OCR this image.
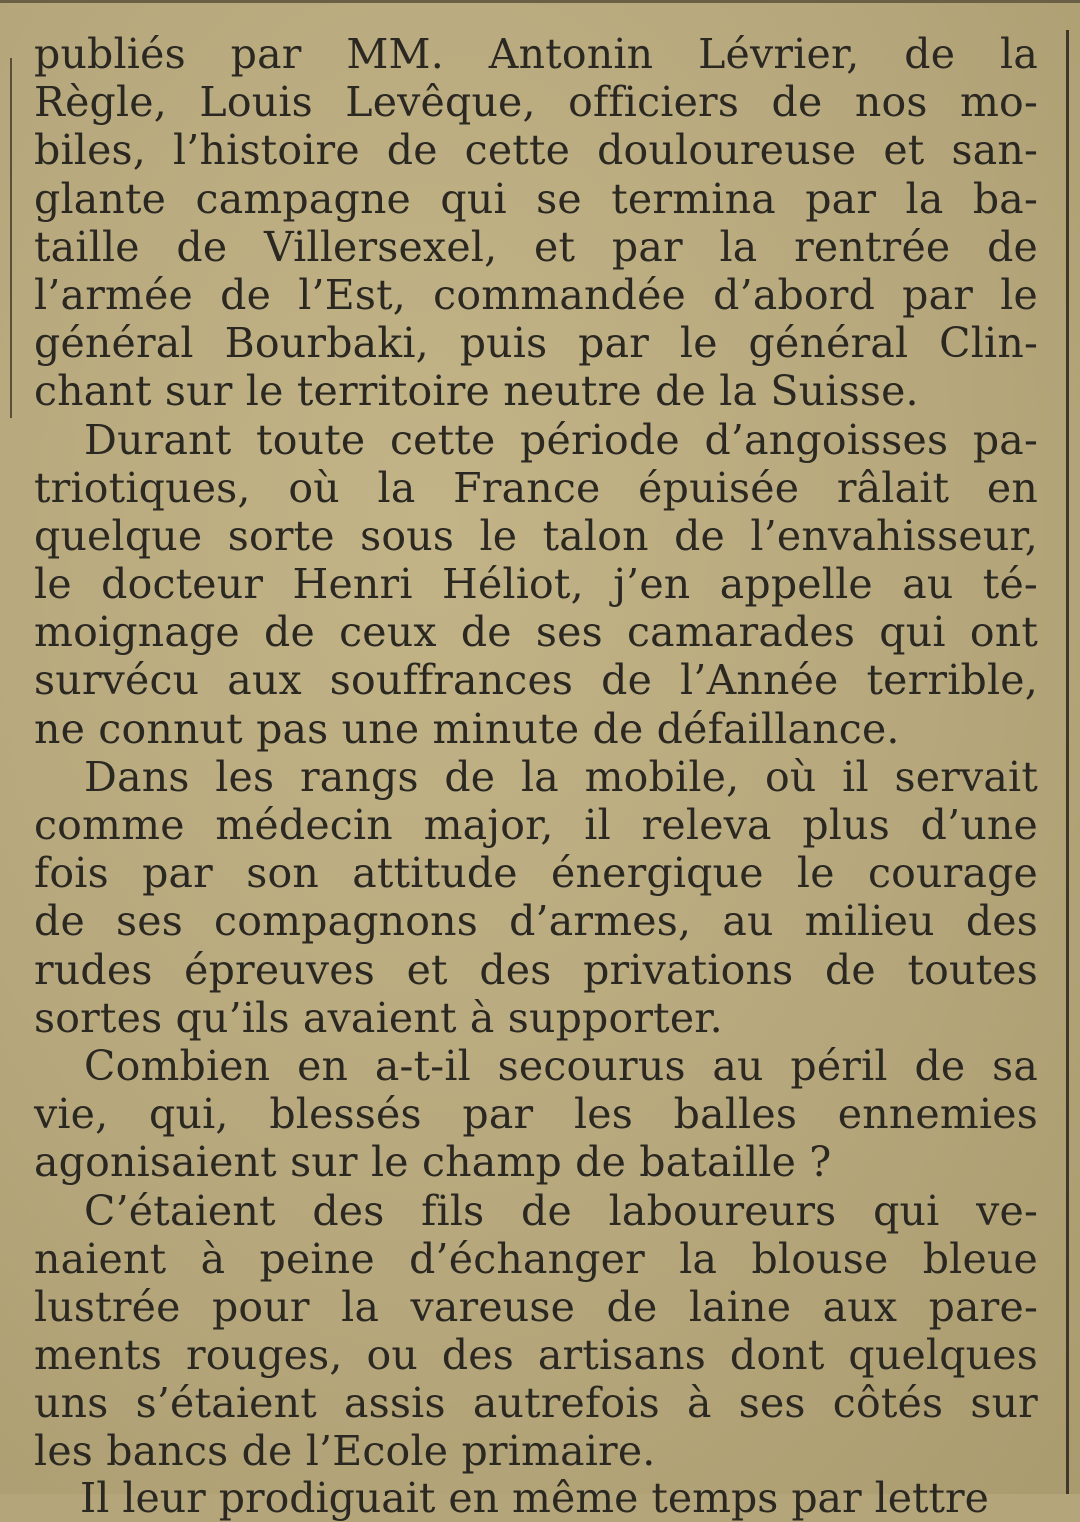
publiés par MM. Antonin Lévrier, de la
Règle, Louis Levêque, officiers de nos mo-
biles, l’histoire de cette douloureuse et san-
glante campagne qui se termina par la ba-
taille de Villersexel, et par la rentrée de
l’armée de l’Est, commandée d’abord par le
général Bourbaki, puis par le général Clin-
chant sur le territoire neutre de la Suisse.

Durant toute cette période d’angoisses pa-
triotiques, où la France épuisée râlait en
quelque sorte sous le talon de l’envahisseur,
le docteur Henri Héliot, j’en appelle au té-
moignage de ceux de ses camarades qui ont
survécu aux souffrances de l’Année terrible,
ne connut pas une minute de défaillance.

Dans les rangs de la mobile, où il servait
comme médecin major, il releva plus d’une
fois par son attitude énergique le courage
de ses compagnons d’armes, au milieu des
rudes épreuves et des privations de toutes
sortes qu’ils avaient à supporter.

Combien en a-t-il secourus au péril de sa
vie, qui, blessés par les balles ennemies
agonisaient sur le champ de bataille ?

C’étaient des fils de laboureurs qui ve-
naient à peine d’échanger la blouse bleue
lustrée pour la vareuse de laine aux pare-
ments rouges, ou des artisans dont quelques
uns s’étaient assis autrefois à ses côtés sur
les bancs de l’Ecole primaire.

Il leur prodiguait en même temps par lettre
